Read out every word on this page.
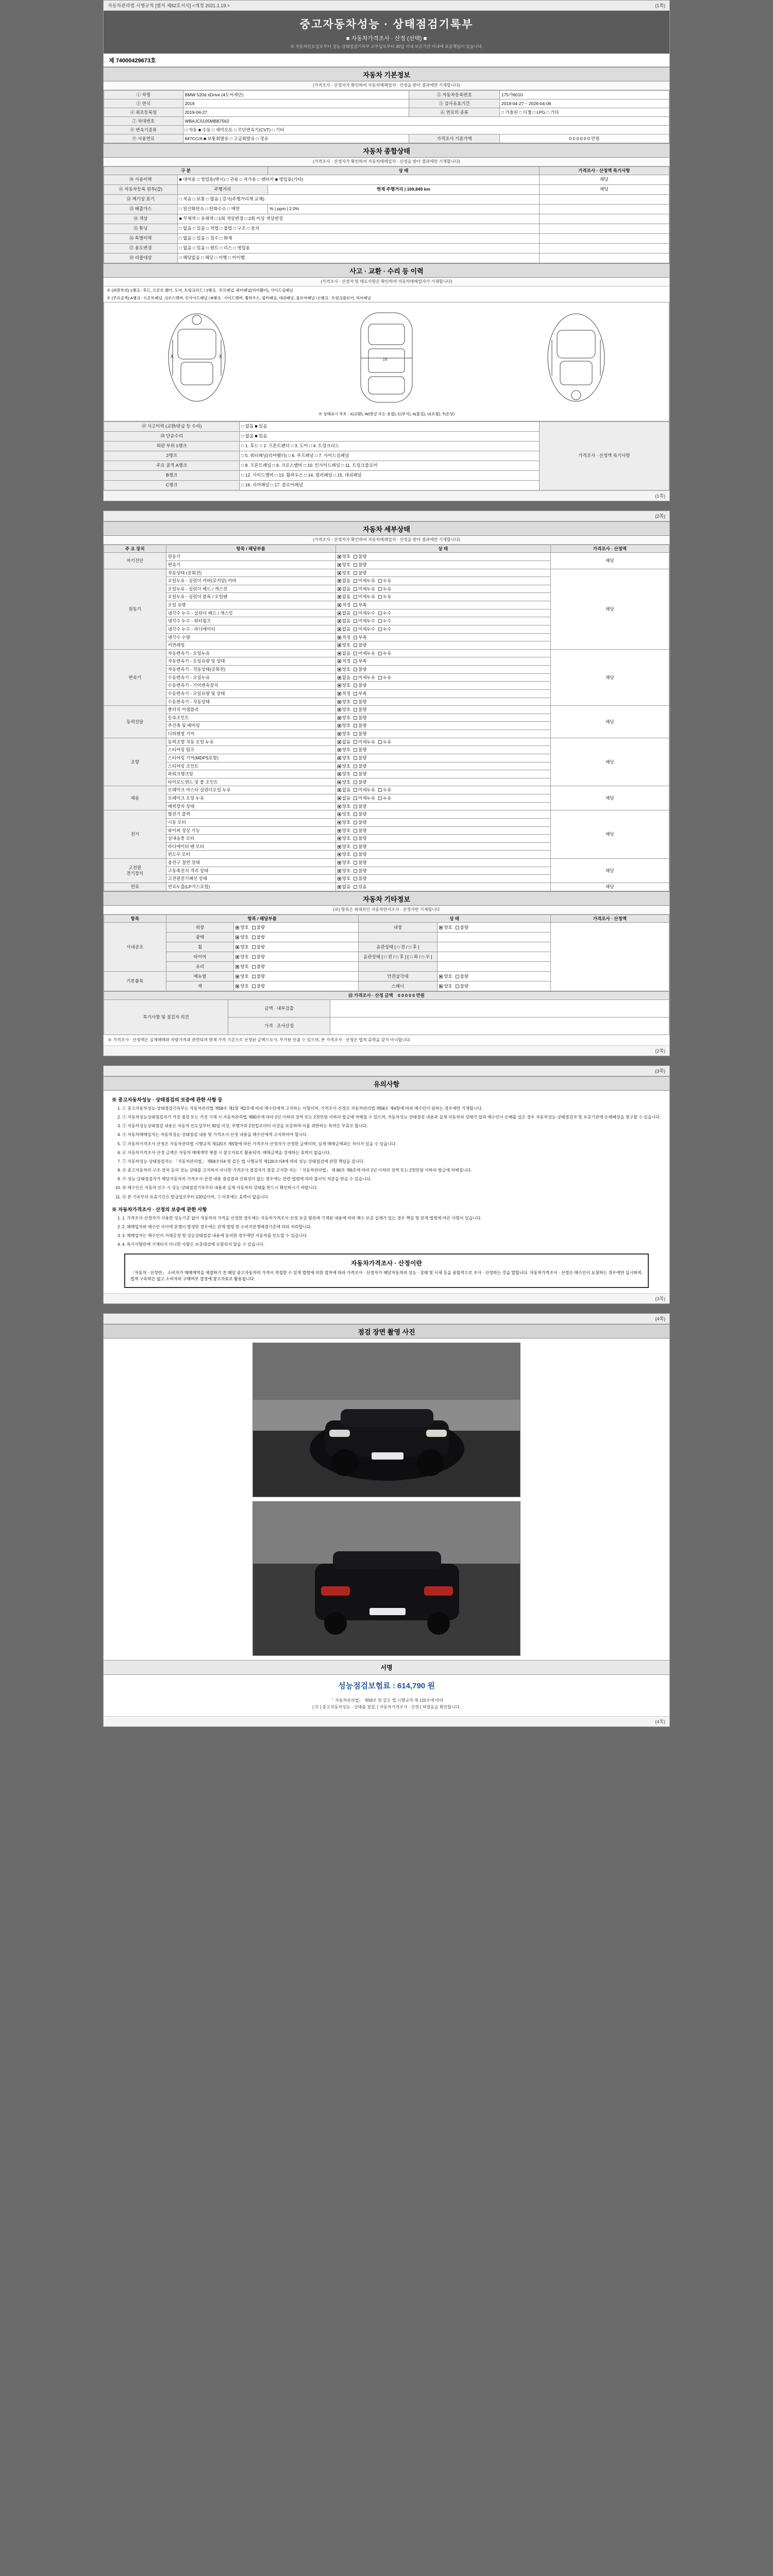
자동차관리법 시행규칙 [별지 제82호서식] <개정 2021.1.19.>	(1쪽)
중고자동차성능 · 상태점검기록부
■ 자동차가격조사 · 산정 (선택) ■
※ 자동차인도일로부터 성능·상태점검기록부 교부일로부터 30일 이내 보증기간 이내에 보증책임이 있습니다.
제 74000429673호
자동차 기본정보
(가격조사 · 산정자가 확인하여 자동차매매업자 · 산정을 받아 결과에만 기재합니다)
① 차명	BMW 520d xDrive (4도어세단)	② 자동차등록번호	175가6010
③ 연식	2019	⑤ 검사유효기간	2019-04-27 ~ 2026-04-06
④ 최초등록일	2019-04-27	⑥ 연료의 종류	□ 가솔린 □ 디젤 □ LPG □ 기타
⑦ 차대번호	WBAJC5105MBB7562		
⑧ 변속기종류	□ 자동 ■ 수동 □ 세미오토 □ 무단변속기(CVT) □ 기타		
⑨ 사용연료	847CC/A ■ 보통휘발유 □ 고급휘발유 □ 경유	가격조사 기준가액	0 0 0 0 0 0 만원
자동차 종합상태
(가격조사 · 산정자가 확인하여 자동차매매업자 · 산정을 받아 결과에만 기재합니다)
구 분		상 태	가격조사 · 산정액 특기사항
⑩ 사용이력	■ 대여용 □ 영업용(택시) □ 관용 □ 자가용 □ 렌터카 ■ 영업용(기타)		해당
⑪ 자동차등록 원부(갑)	주행거리	현재 주행거리 | 169,849 km	해당
⑫ 계기상 표기	□ 적음 □ 보통 □ 많음 | 검사(주행거리계 교체)		
⑬ 배출가스	□ 일산화탄소 □ 탄화수소 □ 매연	% | ppm | 2.0%	
⑭ 색상	■ 무채색 □ 유채색 □ 1회 색상변경 □ 2회 이상 색상변경		
⑮ 튜닝	□ 없음 □ 있음 □ 적법 □ 불법 □ 구조 □ 장치		
⑯ 특별이력	□ 없음 □ 있음 □ 침수 □ 화재		
⑰ 용도변경	□ 없음 □ 있음 □ 렌트 □ 리스 □ 영업용		
⑱ 리콜대상	□ 해당없음 □ 해당 □ 이행 □ 미이행		
사고 · 교환 · 수리 등 이력
(가격조사 · 산정자 및 매도사항은 확인하여 자동차매매업자가 기재합니다)
※ (외판부위) 1랭크 : 후드, 프론트 휀더, 도어, 트렁크리드 / 2랭크 : 루프패널, 쿼터패널(리어휀더), 사이드실패널
※ (주요골격) A랭크 : 프론트패널, 크로스멤버, 인사이드패널 / B랭크 : 사이드멤버, 휠하우스, 필러패널, 대쉬패널, 플로어패널 / C랭크 : 트렁크플로어, 리어패널
X	X
16
※ 상태표시 부호 : X(교환), W(판금 또는 용접), C(부식), A(흠집), U(요철), T(손상)
⑲ 사고이력 (교환/판금 등 수리)	□ 없음 ■ 있음	가격조사 · 산정액 특기사항
⑳ 단순수리	□ 없음 ■ 있음	
외판 부위 1랭크	□ 1. 후드 □ 2. 프론트팬더 □ 3. 도어 □ 4. 트렁크리드	
2랭크	□ 5. 쿼터패널(리어휀더) □ 6. 루프패널 □ 7. 사이드실패널	
주요 골격 A랭크	□ 8. 프론트패널 □ 9. 크로스멤버 □ 10. 인사이드패널 □ 11. 트렁크플로어	
B랭크	□ 12. 사이드멤버 □ 13. 휠하우스 □ 14. 필러패널 □ 15. 대쉬패널	
C랭크	□ 16. 리어패널 □ 17. 플로어패널	
(1쪽)
(2쪽)
자동차 세부상태
(가격조사 · 산정자가 확인하여 자동차매매업자 · 산정을 받아 결과에만 기재합니다)
주 요 장치	항목 / 해당부품	상 태	가격조사 · 산정액
자기진단	원동기	양호 불량	해당
	변속기	양호 불량	
원동기	작동상태 (공회전)	양호 불량	해당
	오일누유 - 실린더 커버(로커암) 카바	없음 미세누유 누유	
	오일누유 - 실린더 헤드 / 개스킷	없음 미세누유 누유	
	오일누유 - 실린더 블록 / 오일팬	없음 미세누유 누유	
	오일 유량	적정 부족	
	냉각수 누수 - 실린더 헤드 / 개스킷	없음 미세누수 누수	
	냉각수 누수 - 워터펌프	없음 미세누수 누수	
	냉각수 누수 - 라디에이터	없음 미세누수 누수	
	냉각수 수량	적정 부족	
	커먼레일	양호 불량	
변속기	자동변속기 - 오일누유	없음 미세누유 누유	해당
	자동변속기 - 오일유량 및 상태	적정 부족	
	자동변속기 - 작동상태(공회전)	양호 불량	
	수동변속기 - 오일누유	없음 미세누유 누유	
	수동변속기 - 기어변속장치	양호 불량	
	수동변속기 - 오일유량 및 상태	적정 부족	
	수동변속기 - 작동상태	양호 불량	
동력전달	클러치 어셈블리	양호 불량	해당
	등속조인트	양호 불량	
	추진축 및 베어링	양호 불량	
	디퍼렌셜 기어	양호 불량	
조향	동력조향 작동 오일 누유	없음 미세누유 누유	해당
	스티어링 펌프	양호 불량	
	스티어링 기어(MDPS포함)	양호 불량	
	스티어링 조인트	양호 불량	
	파워크랭크암	양호 불량	
	타이로드엔드 및 볼 조인트	양호 불량	
제동	브레이크 마스터 실린더오일 누유	없음 미세누유 누유	해당
	브레이크 오일 누유	없음 미세누유 누유	
	배력장치 상태	양호 불량	
전기	발전기 출력	양호 불량	해당
	시동 모터	양호 불량	
	와이퍼 정상 기능	양호 불량	
	실내송풍 모터	양호 불량	
	라디에이터 팬 모터	양호 불량	
	윈도우 모터	양호 불량	
고전원
전기장치	충전구 절연 상태	양호 불량	해당
	구동축전지 격리 상태	양호 불량	
	고전원전기배선 상태	양호 불량	
연료	연료누출(LP가스포함)	없음 있음	해당
자동차 기타정보
(※) 항목은 최대치인 자동차만지조사 · 산정자만 기재합니다
항목	항목 / 해당부품		상 태		가격조사 · 산정액
사내공조	외장	양호 불량	내장	양호 불량	
	광택	양호 불량			
	휠	양호 불량	윤관상태 [ □ 전 / □ 후 ]		
	타이어	양호 불량	윤관상태 [ □ 전 / □ 후 ] [ □ 좌 / □ 우 ]		
	유리	양호 불량			
기본품목	매뉴얼	양호 불량	안전삼각대	양호 불량	
	잭	양호 불량	스패너	양호 불량	
㉒ 가격조사 · 산정 금액 0 0 0 0 0 만원		
특기사항 및 점검자 의견	금액 · 내부검출	
	가격 · 조사산정	
※ 가격조사 · 산정액은 실제매매와 차량가격과 관련되며 현재 가격 기준으로 산정된 금액으로서, 부가된 인출 수 있으며, 본 가격조사 · 산정은 법적 효력을 갖지 아니합니다.
(2쪽)
(3쪽)
유의사항
※ 중고자동차성능 · 상태점검의 보증에 관한 사항 등
1. ① 중고자동차성능·상태점검기록부는 자동차관리법 제58조 제1항 제2호에 따라 매수인에게 고지하는 사항이며, 가격조사·산정은 자동차관리법 제58조 제4항에 따라 매수인이 원하는 경우에만 기재합니다.
2. ② 자동차성능상태점검자가 거짓 점검 또는 거짓 기재 시 자동차관리법 제80조에 따라 2년 이하의 징역 또는 2천만원 이하의 벌금에 처해질 수 있으며, 자동차성능·상태점검 내용과 실제 자동차의 상태가 달라 매수인이 손해를 입은 경우 자동차성능·상태점검자 및 보증기관에 손해배상을 청구할 수 있습니다.
3. ③ 자동차성능상태점검 내용은 자동차 인도일부터 30일 이상, 주행거리 2천킬로미터 이상을 보증하며 이를 위반하는 특약은 무효로 합니다.
4. ④ 자동차매매업자는 자동차성능·상태점검 내용 및 가격조사·산정 내용을 매수인에게 고지하여야 합니다.
5. ⑤ 자동차가격조사·산정은 자동차관리법 시행규칙 제120조 제5항에 따른 가격조사·산정자가 산정한 금액이며, 실제 매매금액과는 차이가 있을 수 있습니다.
6. ⑥ 자동차가격조사·산정 금액은 자동차 매매계약 체결 시 참고자료로 활용되며, 매매금액을 강제하는 효력이 없습니다.
7. ⑦ 자동차성능·상태점검자는 「자동차관리법」 제58조의4 및 같은 법 시행규칙 제120조의4에 따라 성능·상태점검에 관한 책임을 집니다.
8. ⑧ 중고자동차의 구조·장치 등의 성능·상태를 고지하지 아니한 가격조사 점검자가 점검 고지한 자는 「자동차관리법」 제 80조 제6호에 따라 2년 이하의 징역 또는 2천만원 이하의 벌금에 처해집니다.
9. ⑨ 성능·상태점검자가 해당자동차의 가격조사·산정 내용 점검결과 신뢰성이 없는 경우에는 관련 법령에 따라 불이익 처분을 받을 수 있습니다.
10. ⑩ 매수인은 자동차 인수 시 성능·상태점검기록부의 내용과 실제 자동차의 상태를 반드시 확인하시기 바랍니다.
11. ⑪ 본 기록부의 유효기간은 발급일로부터 120일이며, 그 이후에는 효력이 없습니다.
※ 자동차가격조사 · 산정의 보증에 관한 사항
1. 1. 가격조사·산정자가 사용한 성능기준 없이 자동차의 가격을 산정한 경우에는 자동차가격조사·산정 보증 범위에 기재된 내용에 따라 매수 보증 실제가 있는 경우 책임 및 관계 법령에 따른 사항이 있습니다.
2. 2. 매매업자와 매수인 사이에 분쟁이 발생한 경우에는 관계 법령 및 소비자분쟁해결기준에 따라 처리합니다.
3. 3. 매매업자는 매수인이 거래공정 및 성능상태점검 내용에 동의한 경우에만 자동차를 인도할 수 있습니다.
4. 4. 특기사항란에 기재되지 아니한 사항은 보증대상에 포함되지 않을 수 있습니다.
자동차가격조사 · 산정이란
「자동차 · 산정란」 소비자가 매매계약을 체결하기 전 해당 중고자동차의 가격이 적절한 수 있게 법령에 의한 절차에 따라 가격조사 · 산정자가 해당자동차의 성능 · 상태 및 시세 등을 종합적으로 조사 · 산정하는 것을 말합니다. 자동차가격조사 · 산정은 매수인이 요청하는 경우에만 실시하며, 법적 구속력은 없고 소비자의 구매여부 결정에 참고자료로 활용됩니다.
(3쪽)
(4쪽)
점검 장면 촬영 사진
서명
성능점검보험료 : 614,790 원
「 자동차관리법」 제58조 및 같은 법 시행규칙 제 120조에 따라
[ ㉑ ] 중고자동차성능 · 상태를 점검, [ 자동차가격조사 · 산정 ] 하였음을 확인합니다.
(4쪽)
